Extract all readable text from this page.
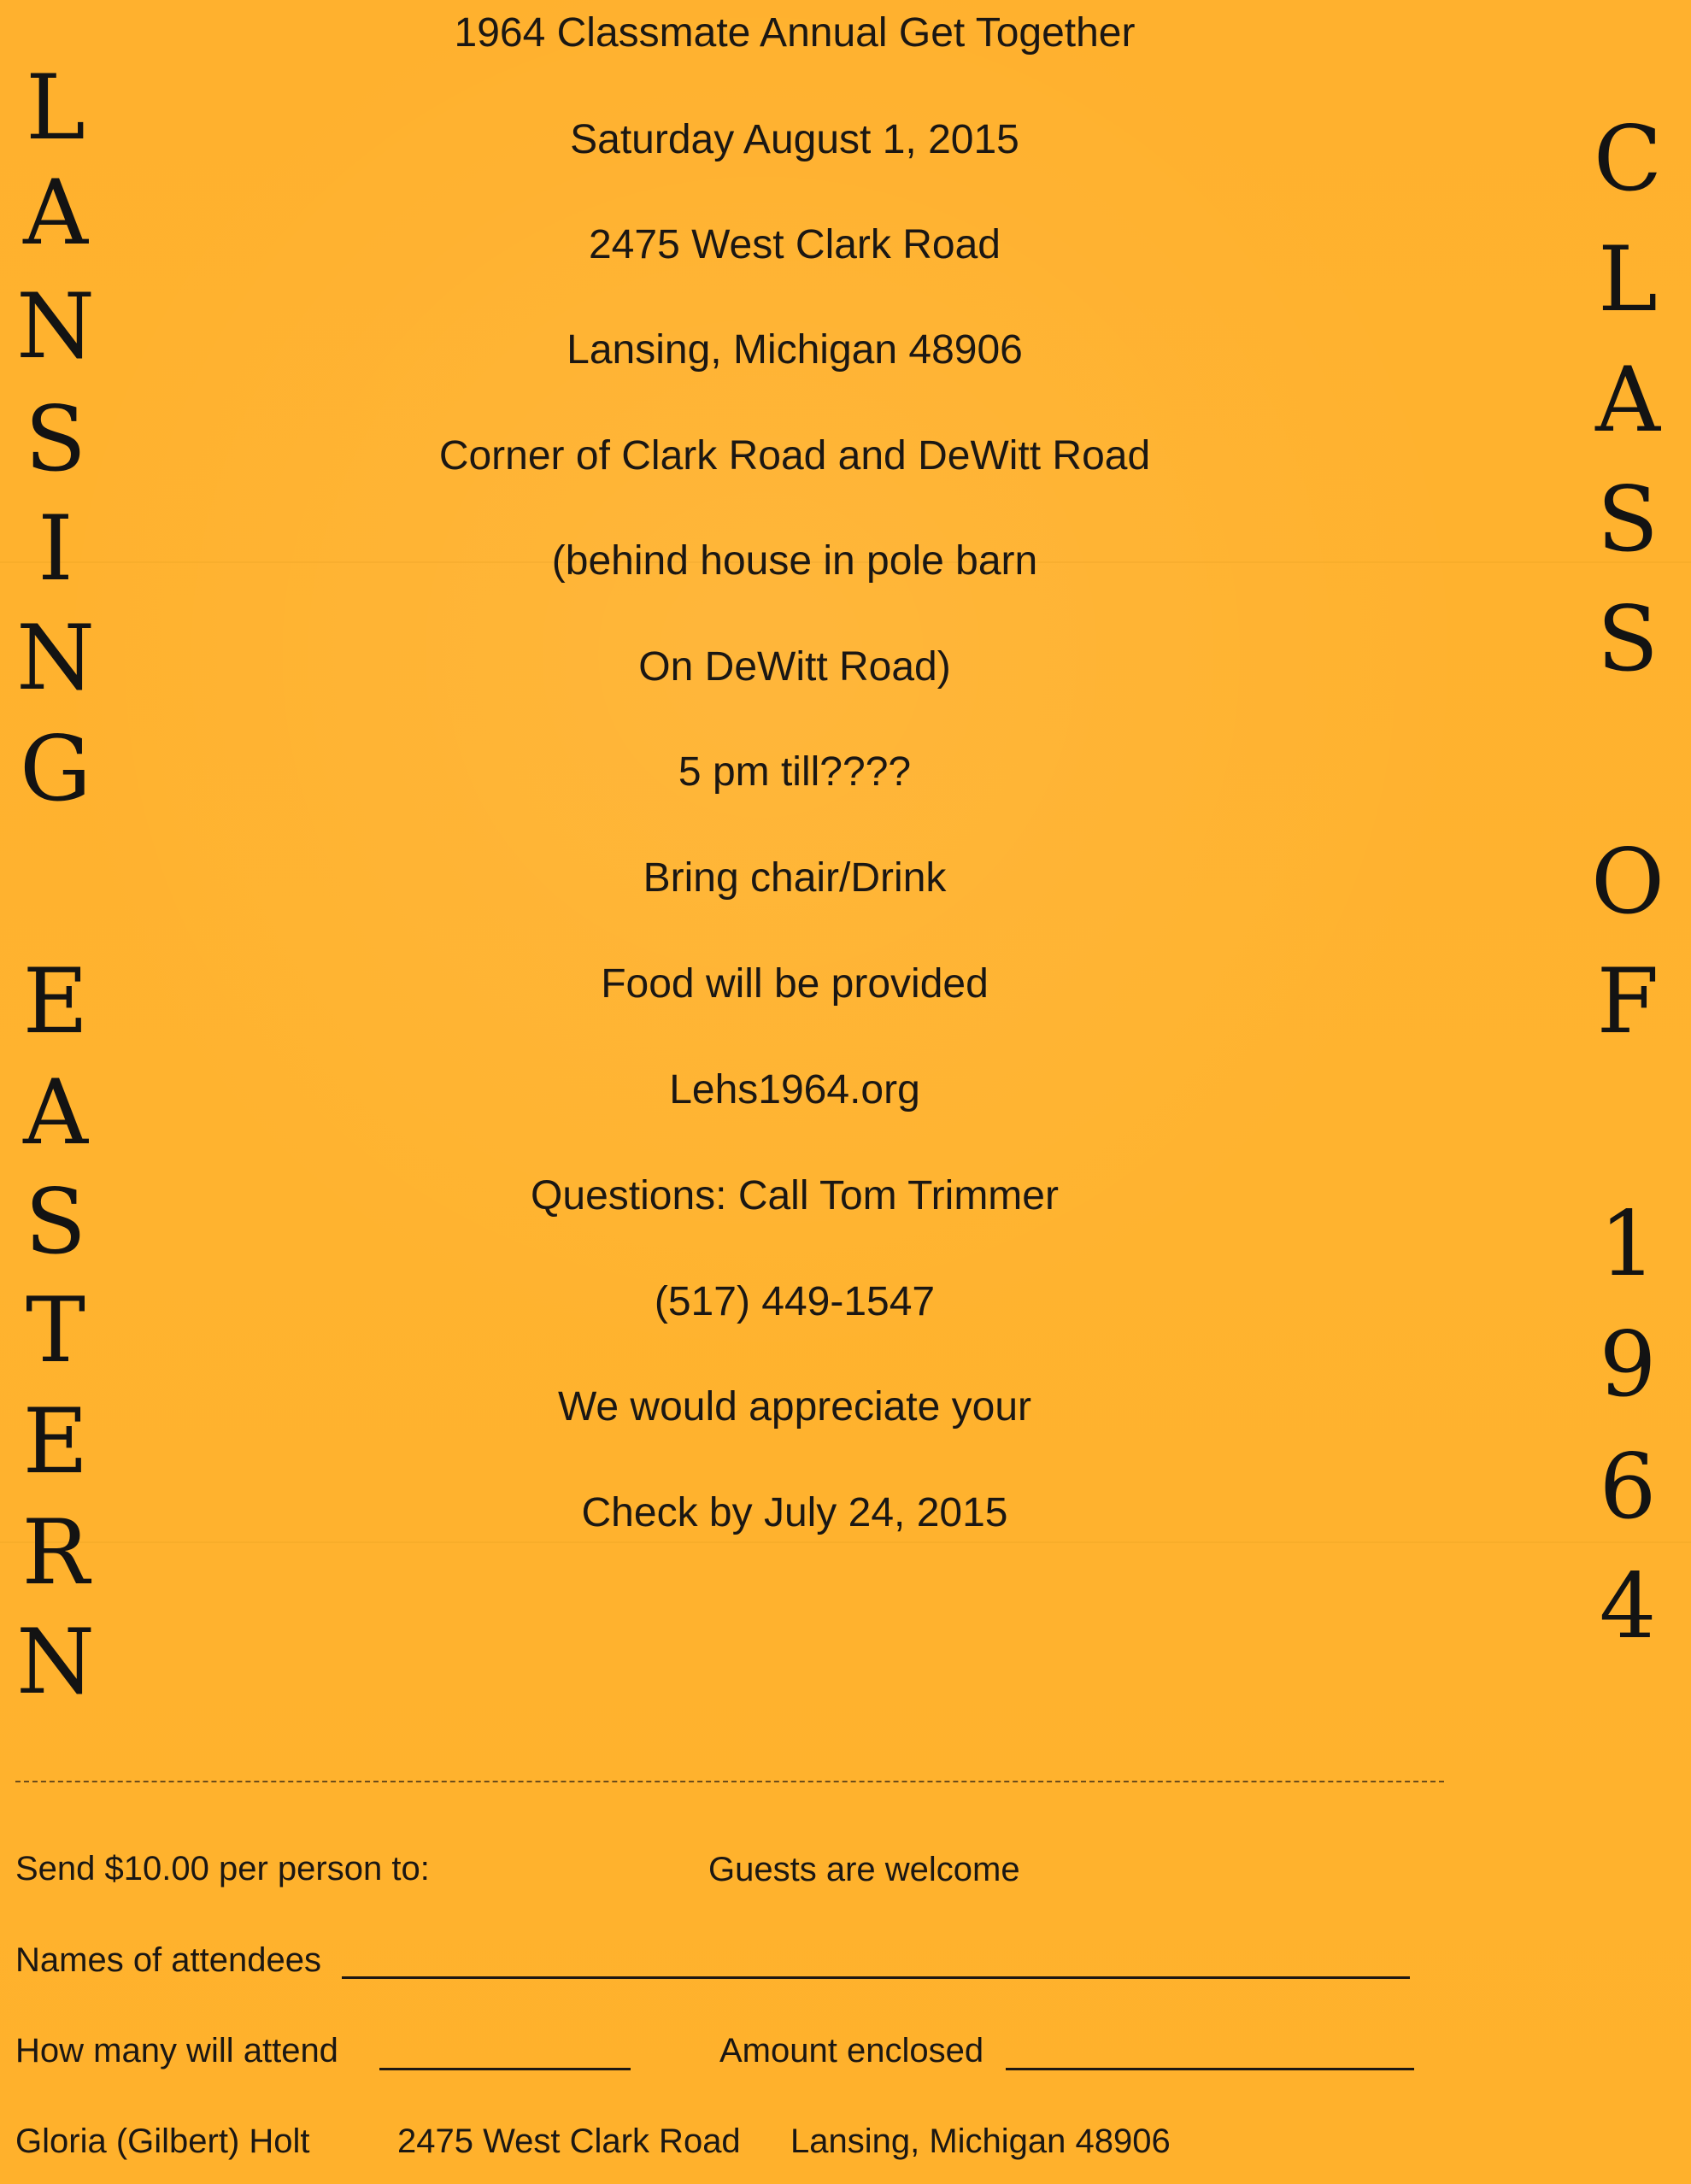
L
A
N
S
I
N
G
E
A
S
T
E
R
N
C
L
A
S
S
O
F
1
9
6
4
1964 Classmate Annual Get Together
Saturday August 1, 2015
2475 West Clark Road
Lansing, Michigan 48906
Corner of Clark Road and DeWitt Road
(behind house in pole barn
On DeWitt Road)
5 pm till????
Bring chair/Drink
Food will be provided
Lehs1964.org
Questions: Call Tom Trimmer
(517) 449-1547
We would appreciate your
Check by July 24, 2015
Send $10.00 per person to:	Guests are welcome
Names of attendees
How many will attend	Amount enclosed
Gloria (Gilbert) Holt	2475 West Clark Road Lansing, Michigan 48906
